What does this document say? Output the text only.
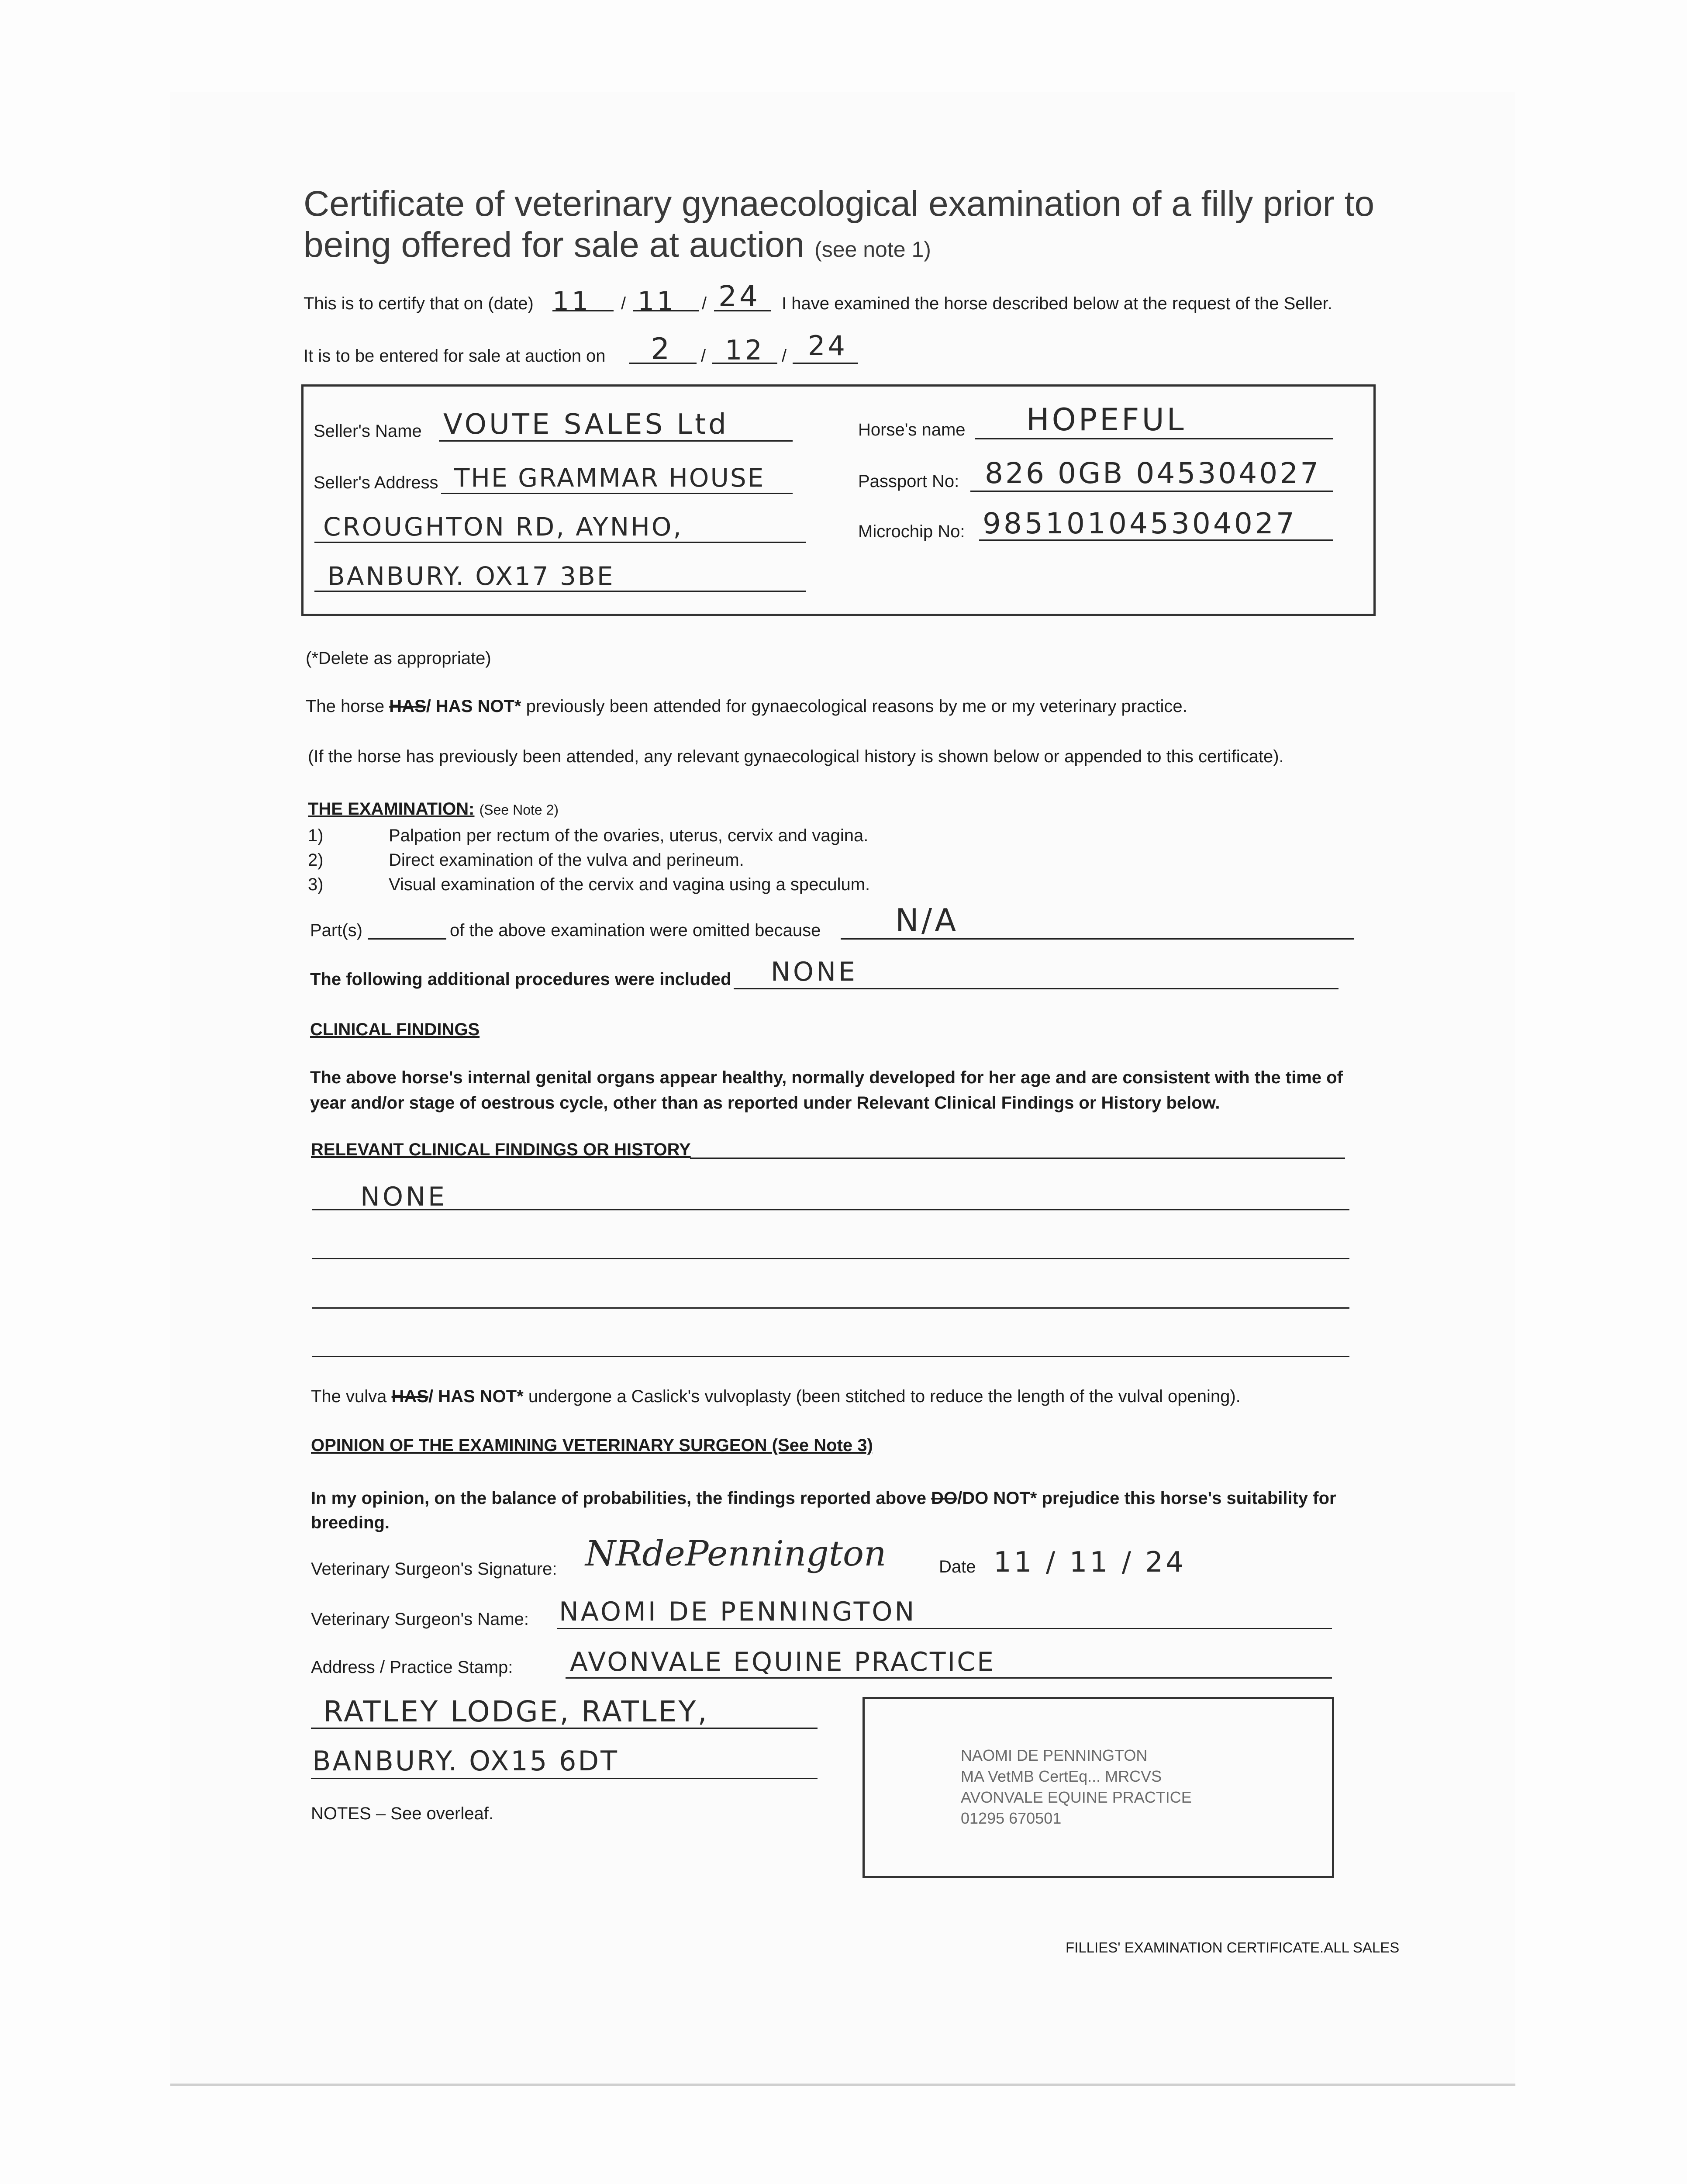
Certificate of veterinary gynaecological examination of a filly prior to
being offered for sale at auction (see note 1)
This is to certify that on (date) 11 / 11 / 24 I have examined the horse described below at the request of the Seller.
It is to be entered for sale at auction on 2 / 12 / 24
Seller's Name VOUTE SALES Ltd
Seller's Address THE GRAMMAR HOUSE
CROUGHTON RD, AYNHO,
BANBURY. OX17 3BE
Horse's name HOPEFUL
Passport No: 826 0GB 045304027
Microchip No: 985101045304027
(*Delete as appropriate)
The horse HAS/ HAS NOT* previously been attended for gynaecological reasons by me or my veterinary practice.
(If the horse has previously been attended, any relevant gynaecological history is shown below or appended to this certificate).
THE EXAMINATION: (See Note 2)
1)	Palpation per rectum of the ovaries, uterus, cervix and vagina.
2)	Direct examination of the vulva and perineum.
3)	Visual examination of the cervix and vagina using a speculum.
Part(s)	of the above examination were omitted because N/A
The following additional procedures were included NONE
CLINICAL FINDINGS
The above horse's internal genital organs appear healthy, normally developed for her age and are consistent with the time of year and/or stage of oestrous cycle, other than as reported under Relevant Clinical Findings or History below.
RELEVANT CLINICAL FINDINGS OR HISTORY
NONE
The vulva HAS/ HAS NOT* undergone a Caslick's vulvoplasty (been stitched to reduce the length of the vulval opening).
OPINION OF THE EXAMINING VETERINARY SURGEON (See Note 3)
In my opinion, on the balance of probabilities, the findings reported above DO/DO NOT* prejudice this horse's suitability for breeding.
Veterinary Surgeon's Signature: NRdePennington	Date 11 / 11 / 24
Veterinary Surgeon's Name: NAOMI DE PENNINGTON
Address / Practice Stamp: AVONVALE EQUINE PRACTICE
RATLEY LODGE, RATLEY,
BANBURY. OX15 6DT
NOTES – See overleaf.
NAOMI DE PENNINGTON
MA VetMB CertEq... MRCVS
AVONVALE EQUINE PRACTICE
01295 670501
FILLIES' EXAMINATION CERTIFICATE.ALL SALES
